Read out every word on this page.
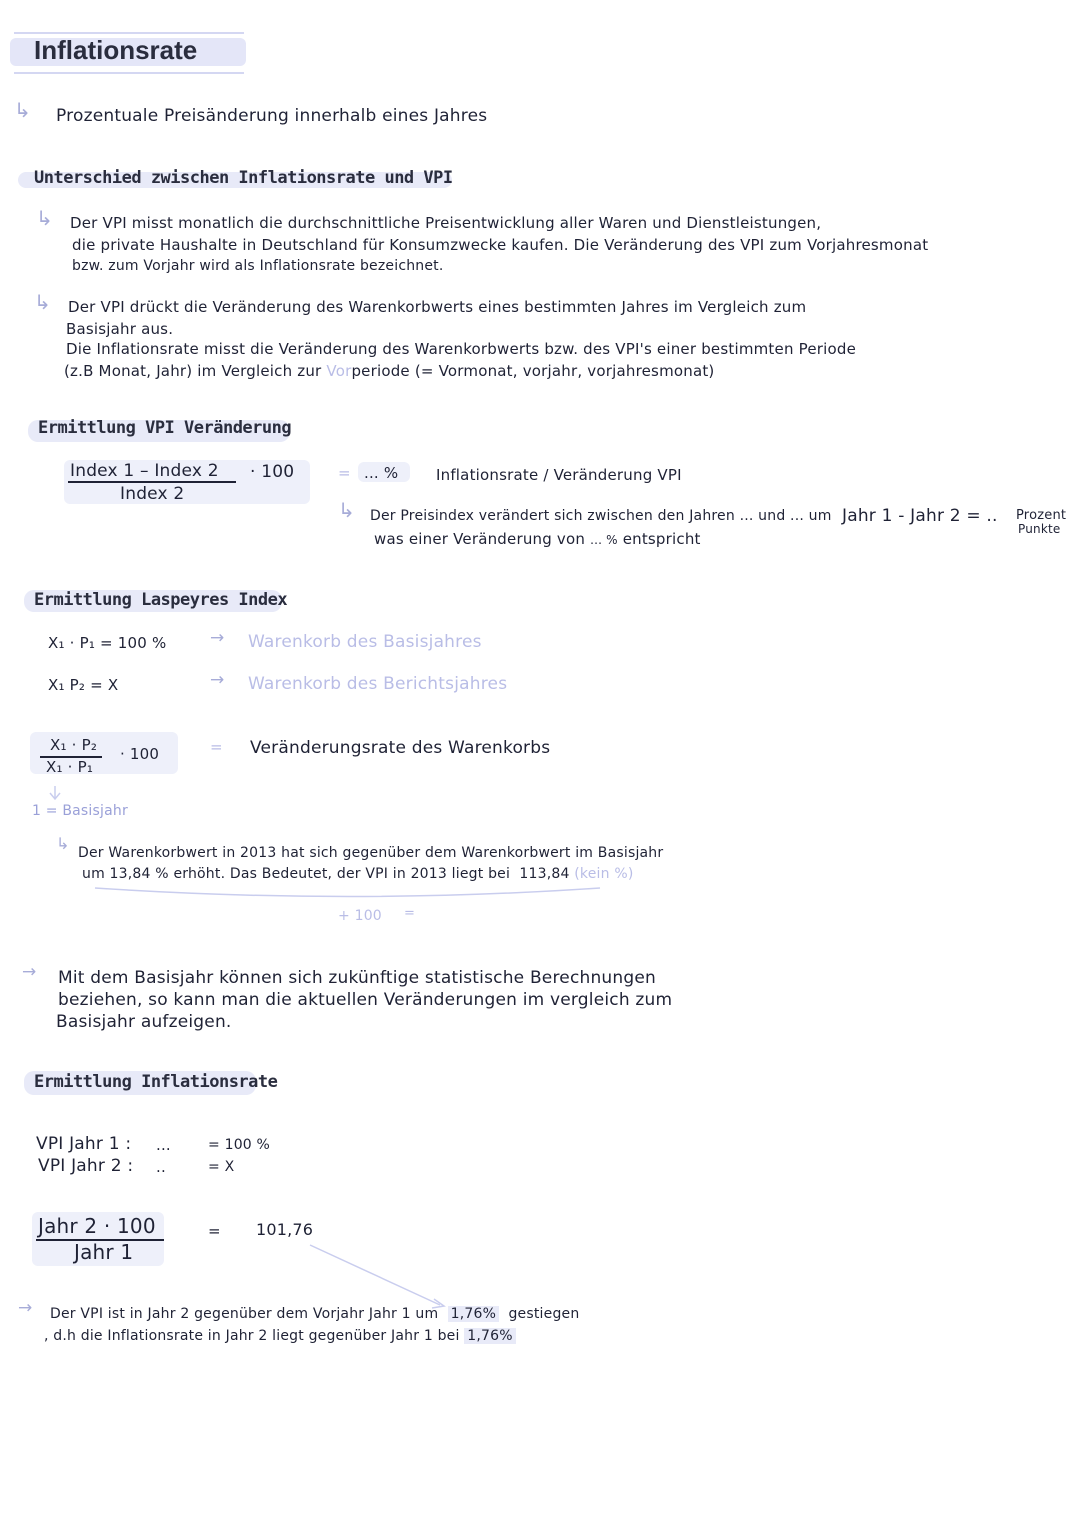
Inflationsrate
↳ Prozentuale Preisänderung innerhalb eines Jahres
Unterschied zwischen Inflationsrate und VPI
↳ Der VPI misst monatlich die durchschnittliche Preisentwicklung aller Waren und Dienstleistungen,
die private Haushalte in Deutschland für Konsumzwecke kaufen. Die Veränderung des VPI zum Vorjahresmonat
bzw. zum Vorjahr wird als Inflationsrate bezeichnet.
↳ Der VPI drückt die Veränderung des Warenkorbwerts eines bestimmten Jahres im Vergleich zum
Basisjahr aus.
Die Inflationsrate misst die Veränderung des Warenkorbwerts bzw. des VPI's einer bestimmten Periode
(z.B Monat, Jahr) im Vergleich zur Vorperiode (= Vormonat, vorjahr, vorjahresmonat)
Ermittlung VPI Veränderung
Index 1 – Index 2
Index 2
· 100	= ... %	Inflationsrate / Veränderung VPI
↳ Der Preisindex verändert sich zwischen den Jahren ... und ... um Jahr 1 - Jahr 2 = .. Prozent
Punkte
was einer Veränderung von ... % entspricht
Ermittlung Laspeyres Index
X₁ · P₁ = 100 %	→ Warenkorb des Basisjahres
X₁ P₂ = X	→ Warenkorb des Berichtsjahres
X₁ · P₂
X₁ · P₁
· 100	= Veränderungsrate des Warenkorbs
1 = Basisjahr
↳ Der Warenkorbwert in 2013 hat sich gegenüber dem Warenkorbwert im Basisjahr
um 13,84 % erhöht. Das Bedeutet, der VPI in 2013 liegt bei 113,84 (kein %)
+ 100 =
→ Mit dem Basisjahr können sich zukünftige statistische Berechnungen
beziehen, so kann man die aktuellen Veränderungen im vergleich zum
Basisjahr aufzeigen.
Ermittlung Inflationsrate
VPI Jahr 1 : ...	= 100 %
VPI Jahr 2 : ..	= X
Jahr 2 · 100
Jahr 1
= 101,76
→ Der VPI ist in Jahr 2 gegenüber dem Vorjahr Jahr 1 um 1,76% gestiegen
, d.h die Inflationsrate in Jahr 2 liegt gegenüber Jahr 1 bei 1,76%
